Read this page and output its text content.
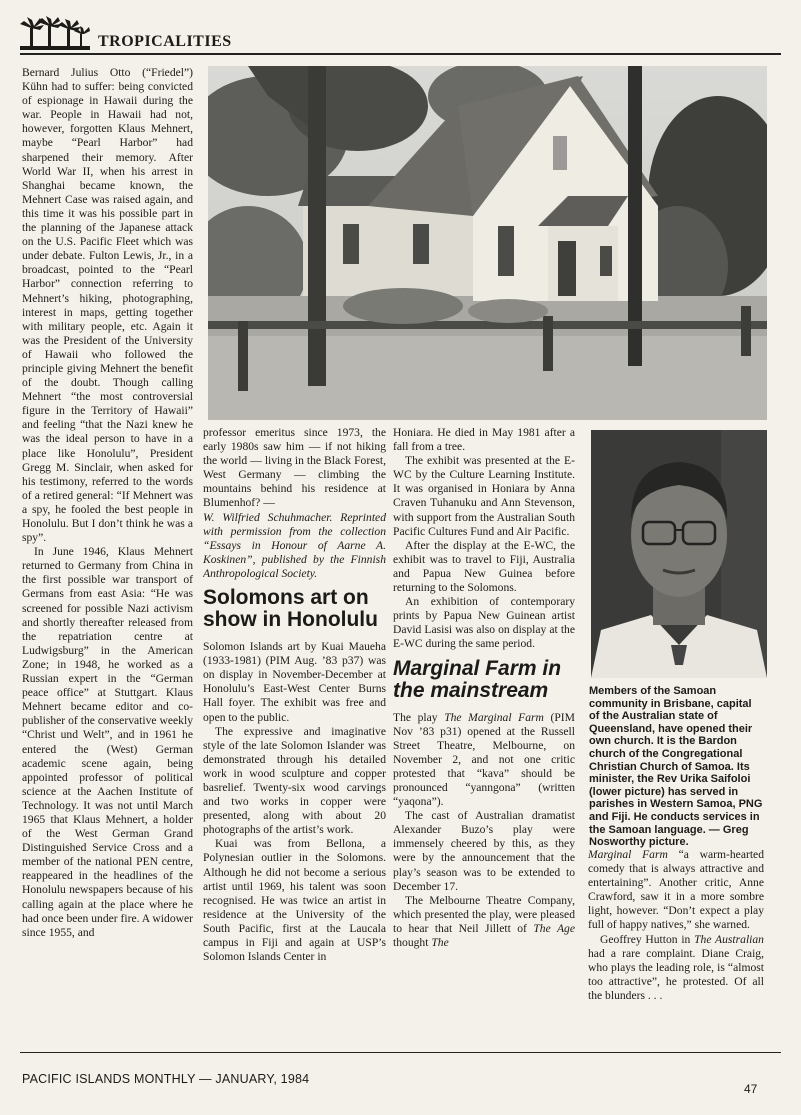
TROPICALITIES

Bernard Julius Otto (“Friedel”) Kühn had to suffer: being convicted of espionage in Hawaii during the war. People in Hawaii had not, however, forgotten Klaus Mehnert, maybe “Pearl Harbor” had sharpened their memory. After World War II, when his arrest in Shanghai became known, the Mehnert Case was raised again, and this time it was his possible part in the planning of the Japanese attack on the U.S. Pacific Fleet which was under debate. Fulton Lewis, Jr., in a broadcast, pointed to the “Pearl Harbor” connection referring to Mehnert’s hiking, photographing, interest in maps, getting together with military people, etc. Again it was the President of the University of Hawaii who followed the principle giving Mehnert the benefit of the doubt. Though calling Mehnert “the most controversial figure in the Territory of Hawaii” and feeling “that the Nazi knew he was the ideal person to have in a place like Honolulu”, President Gregg M. Sinclair, when asked for his testimony, referred to the words of a retired general: “If Mehnert was a spy, he fooled the best people in Honolulu. But I don’t think he was a spy”.

In June 1946, Klaus Mehnert returned to Germany from China in the first possible war transport of Germans from east Asia: “He was screened for possible Nazi activism and shortly thereafter released from the repatriation centre at Ludwigsburg” in the American Zone; in 1948, he worked as a Russian expert in the “German peace office” at Stuttgart. Klaus Mehnert became editor and co-publisher of the conservative weekly “Christ und Welt”, and in 1961 he entered the (West) German academic scene again, being appointed professor of political science at the Aachen Institute of Technology. It was not until March 1965 that Klaus Mehnert, a holder of the West German Grand Distinguished Service Cross and a member of the national PEN centre, reappeared in the headlines of the Honolulu newspapers because of his calling again at the place where he had once been under fire. A widower since 1955, and

professor emeritus since 1973, the early 1980s saw him — if not hiking the world — living in the Black Forest, West Germany — climbing the mountains behind his residence at Blumenhof? —

W. Wilfried Schuhmacher. Reprinted with permission from the collection “Essays in Honour of Aarne A. Koskinen”, published by the Finnish Anthropological Society.

Solomons art on show in Honolulu

Solomon Islands art by Kuai Maueha (1933-1981) (PIM Aug. ’83 p37) was on display in November-December at Honolulu’s East-West Center Burns Hall foyer. The exhibit was free and open to the public.

The expressive and imaginative style of the late Solomon Islander was demonstrated through his detailed work in wood sculpture and copper basrelief. Twenty-six wood carvings and two works in copper were presented, along with about 20 photographs of the artist’s work.

Kuai was from Bellona, a Polynesian outlier in the Solomons. Although he did not become a serious artist until 1969, his talent was soon recognised. He was twice an artist in residence at the University of the South Pacific, first at the Laucala campus in Fiji and again at USP’s Solomon Islands Center in

Honiara. He died in May 1981 after a fall from a tree.

The exhibit was presented at the E-WC by the Culture Learning Institute. It was organised in Honiara by Anna Craven Tuhanuku and Ann Stevenson, with support from the Australian South Pacific Cultures Fund and Air Pacific.

After the display at the E-WC, the exhibit was to travel to Fiji, Australia and Papua New Guinea before returning to the Solomons.

An exhibition of contemporary prints by Papua New Guinean artist David Lasisi was also on display at the E-WC during the same period.

Marginal Farm in the mainstream

The play The Marginal Farm (PIM Nov ’83 p31) opened at the Russell Street Theatre, Melbourne, on November 2, and not one critic protested that “kava” should be pronounced “yanngona” (written “yaqona”).

The cast of Australian dramatist Alexander Buzo’s play were immensely cheered by this, as they were by the announcement that the play’s season was to be extended to December 17.

The Melbourne Theatre Company, which presented the play, were pleased to hear that Neil Jillett of The Age thought The

Members of the Samoan community in Brisbane, capital of the Australian state of Queensland, have opened their own church. It is the Bardon church of the Congregational Christian Church of Samoa. Its minister, the Rev Urika Saifoloi (lower picture) has served in parishes in Western Samoa, PNG and Fiji. He conducts services in the Samoan language. — Greg Nosworthy picture.

Marginal Farm “a warm-hearted comedy that is always attractive and entertaining”. Another critic, Anne Crawford, saw it in a more sombre light, however. “Don’t expect a play full of happy natives,” she warned.

Geoffrey Hutton in The Australian had a rare complaint. Diane Craig, who plays the leading role, is “almost too attractive”, he protested. Of all the blunders . . .

PACIFIC ISLANDS MONTHLY — JANUARY, 1984

47
